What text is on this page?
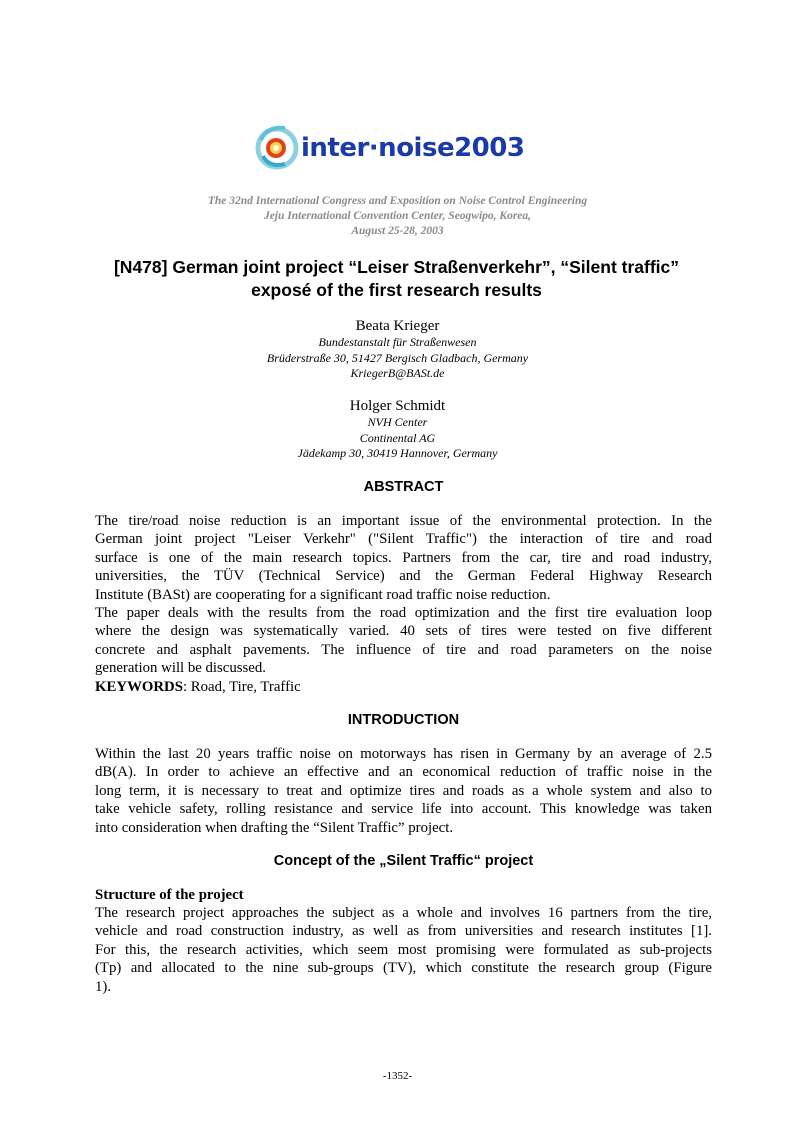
inter·noise2003
The 32nd International Congress and Exposition on Noise Control Engineering
Jeju International Convention Center, Seogwipo, Korea,
August 25-28, 2003
[N478] German joint project “Leiser Straßenverkehr”, “Silent traffic”
exposé of the first research results
Beata Krieger
Bundestanstalt für Straßenwesen
Brüderstraße 30, 51427 Bergisch Gladbach, Germany
KriegerB@BASt.de
Holger Schmidt
NVH Center
Continental AG
Jädekamp 30, 30419 Hannover, Germany
ABSTRACT
The tire/road noise reduction is an important issue of the environmental protection. In the
German joint project "Leiser Verkehr" ("Silent Traffic") the interaction of tire and road
surface is one of the main research topics. Partners from the car, tire and road industry,
universities, the TÜV (Technical Service) and the German Federal Highway Research
Institute (BASt) are cooperating for a significant road traffic noise reduction.
The paper deals with the results from the road optimization and the first tire evaluation loop
where the design was systematically varied. 40 sets of tires were tested on five different
concrete and asphalt pavements. The influence of tire and road parameters on the noise
generation will be discussed.
KEYWORDS: Road, Tire, Traffic
INTRODUCTION
Within the last 20 years traffic noise on motorways has risen in Germany by an average of 2.5
dB(A). In order to achieve an effective and an economical reduction of traffic noise in the
long term, it is necessary to treat and optimize tires and roads as a whole system and also to
take vehicle safety, rolling resistance and service life into account. This knowledge was taken
into consideration when drafting the “Silent Traffic” project.
Concept of the „Silent Traffic“ project
Structure of the project
The research project approaches the subject as a whole and involves 16 partners from the tire,
vehicle and road construction industry, as well as from universities and research institutes [1].
For this, the research activities, which seem most promising were formulated as sub-projects
(Tp) and allocated to the nine sub-groups (TV), which constitute the research group (Figure
1).
-1352-
